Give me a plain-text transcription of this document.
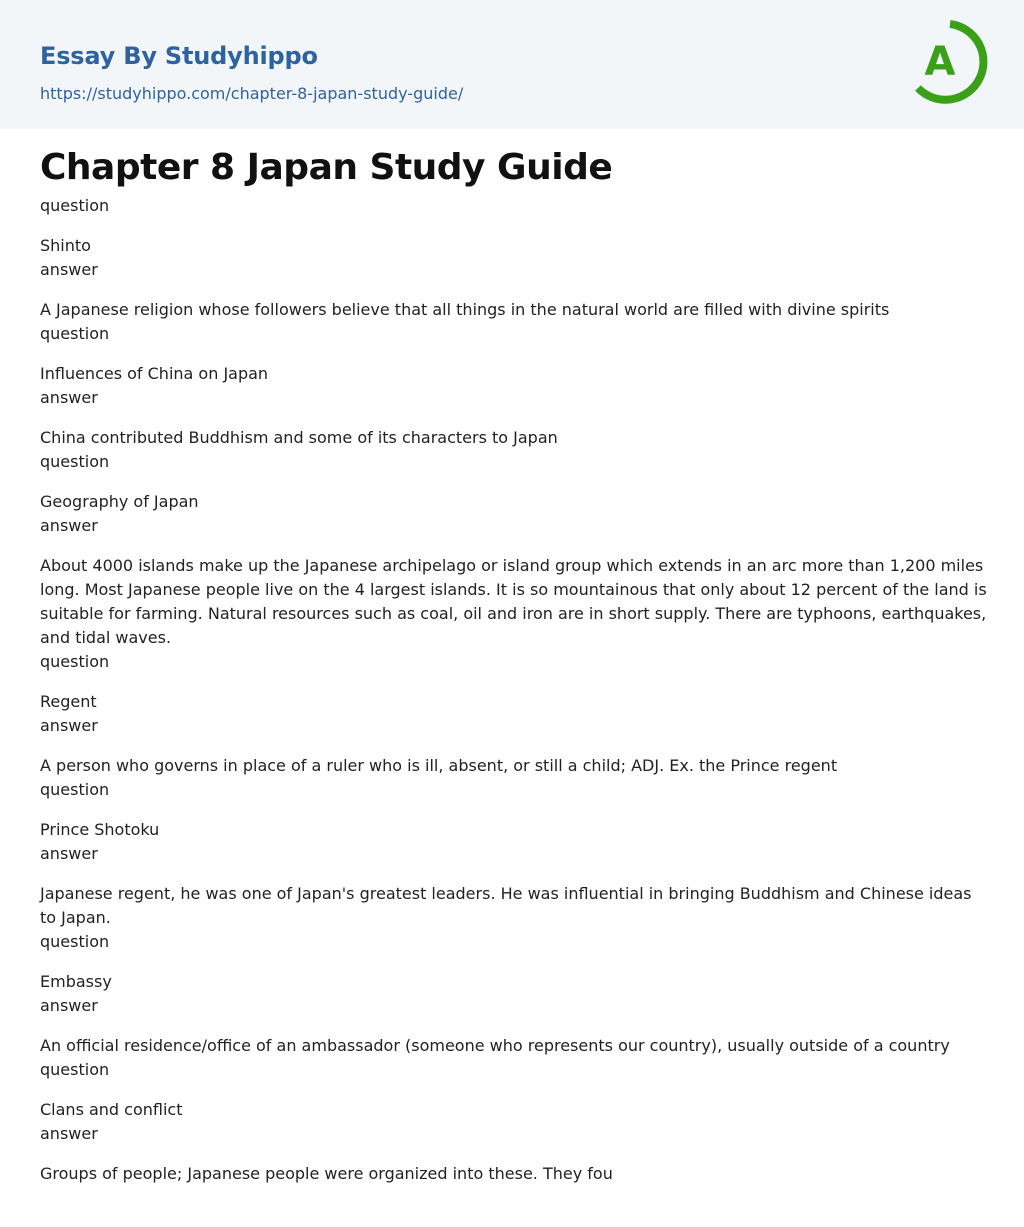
Essay By Studyhippo
https://studyhippo.com/chapter-8-japan-study-guide/
A
Chapter 8 Japan Study Guide
question
Shinto
answer
A Japanese religion whose followers believe that all things in the natural world are filled with divine spirits
question
Influences of China on Japan
answer
China contributed Buddhism and some of its characters to Japan
question
Geography of Japan
answer
About 4000 islands make up the Japanese archipelago or island group which extends in an arc more than 1,200 miles long. Most Japanese people live on the 4 largest islands. It is so mountainous that only about 12 percent of the land is suitable for farming. Natural resources such as coal, oil and iron are in short supply. There are typhoons, earthquakes, and tidal waves.
question
Regent
answer
A person who governs in place of a ruler who is ill, absent, or still a child; ADJ. Ex. the Prince regent
question
Prince Shotoku
answer
Japanese regent, he was one of Japan's greatest leaders. He was influential in bringing Buddhism and Chinese ideas to Japan.
question
Embassy
answer
An official residence/office of an ambassador (someone who represents our country), usually outside of a country
question
Clans and conflict
answer
Groups of people; Japanese people were organized into these. They fou
